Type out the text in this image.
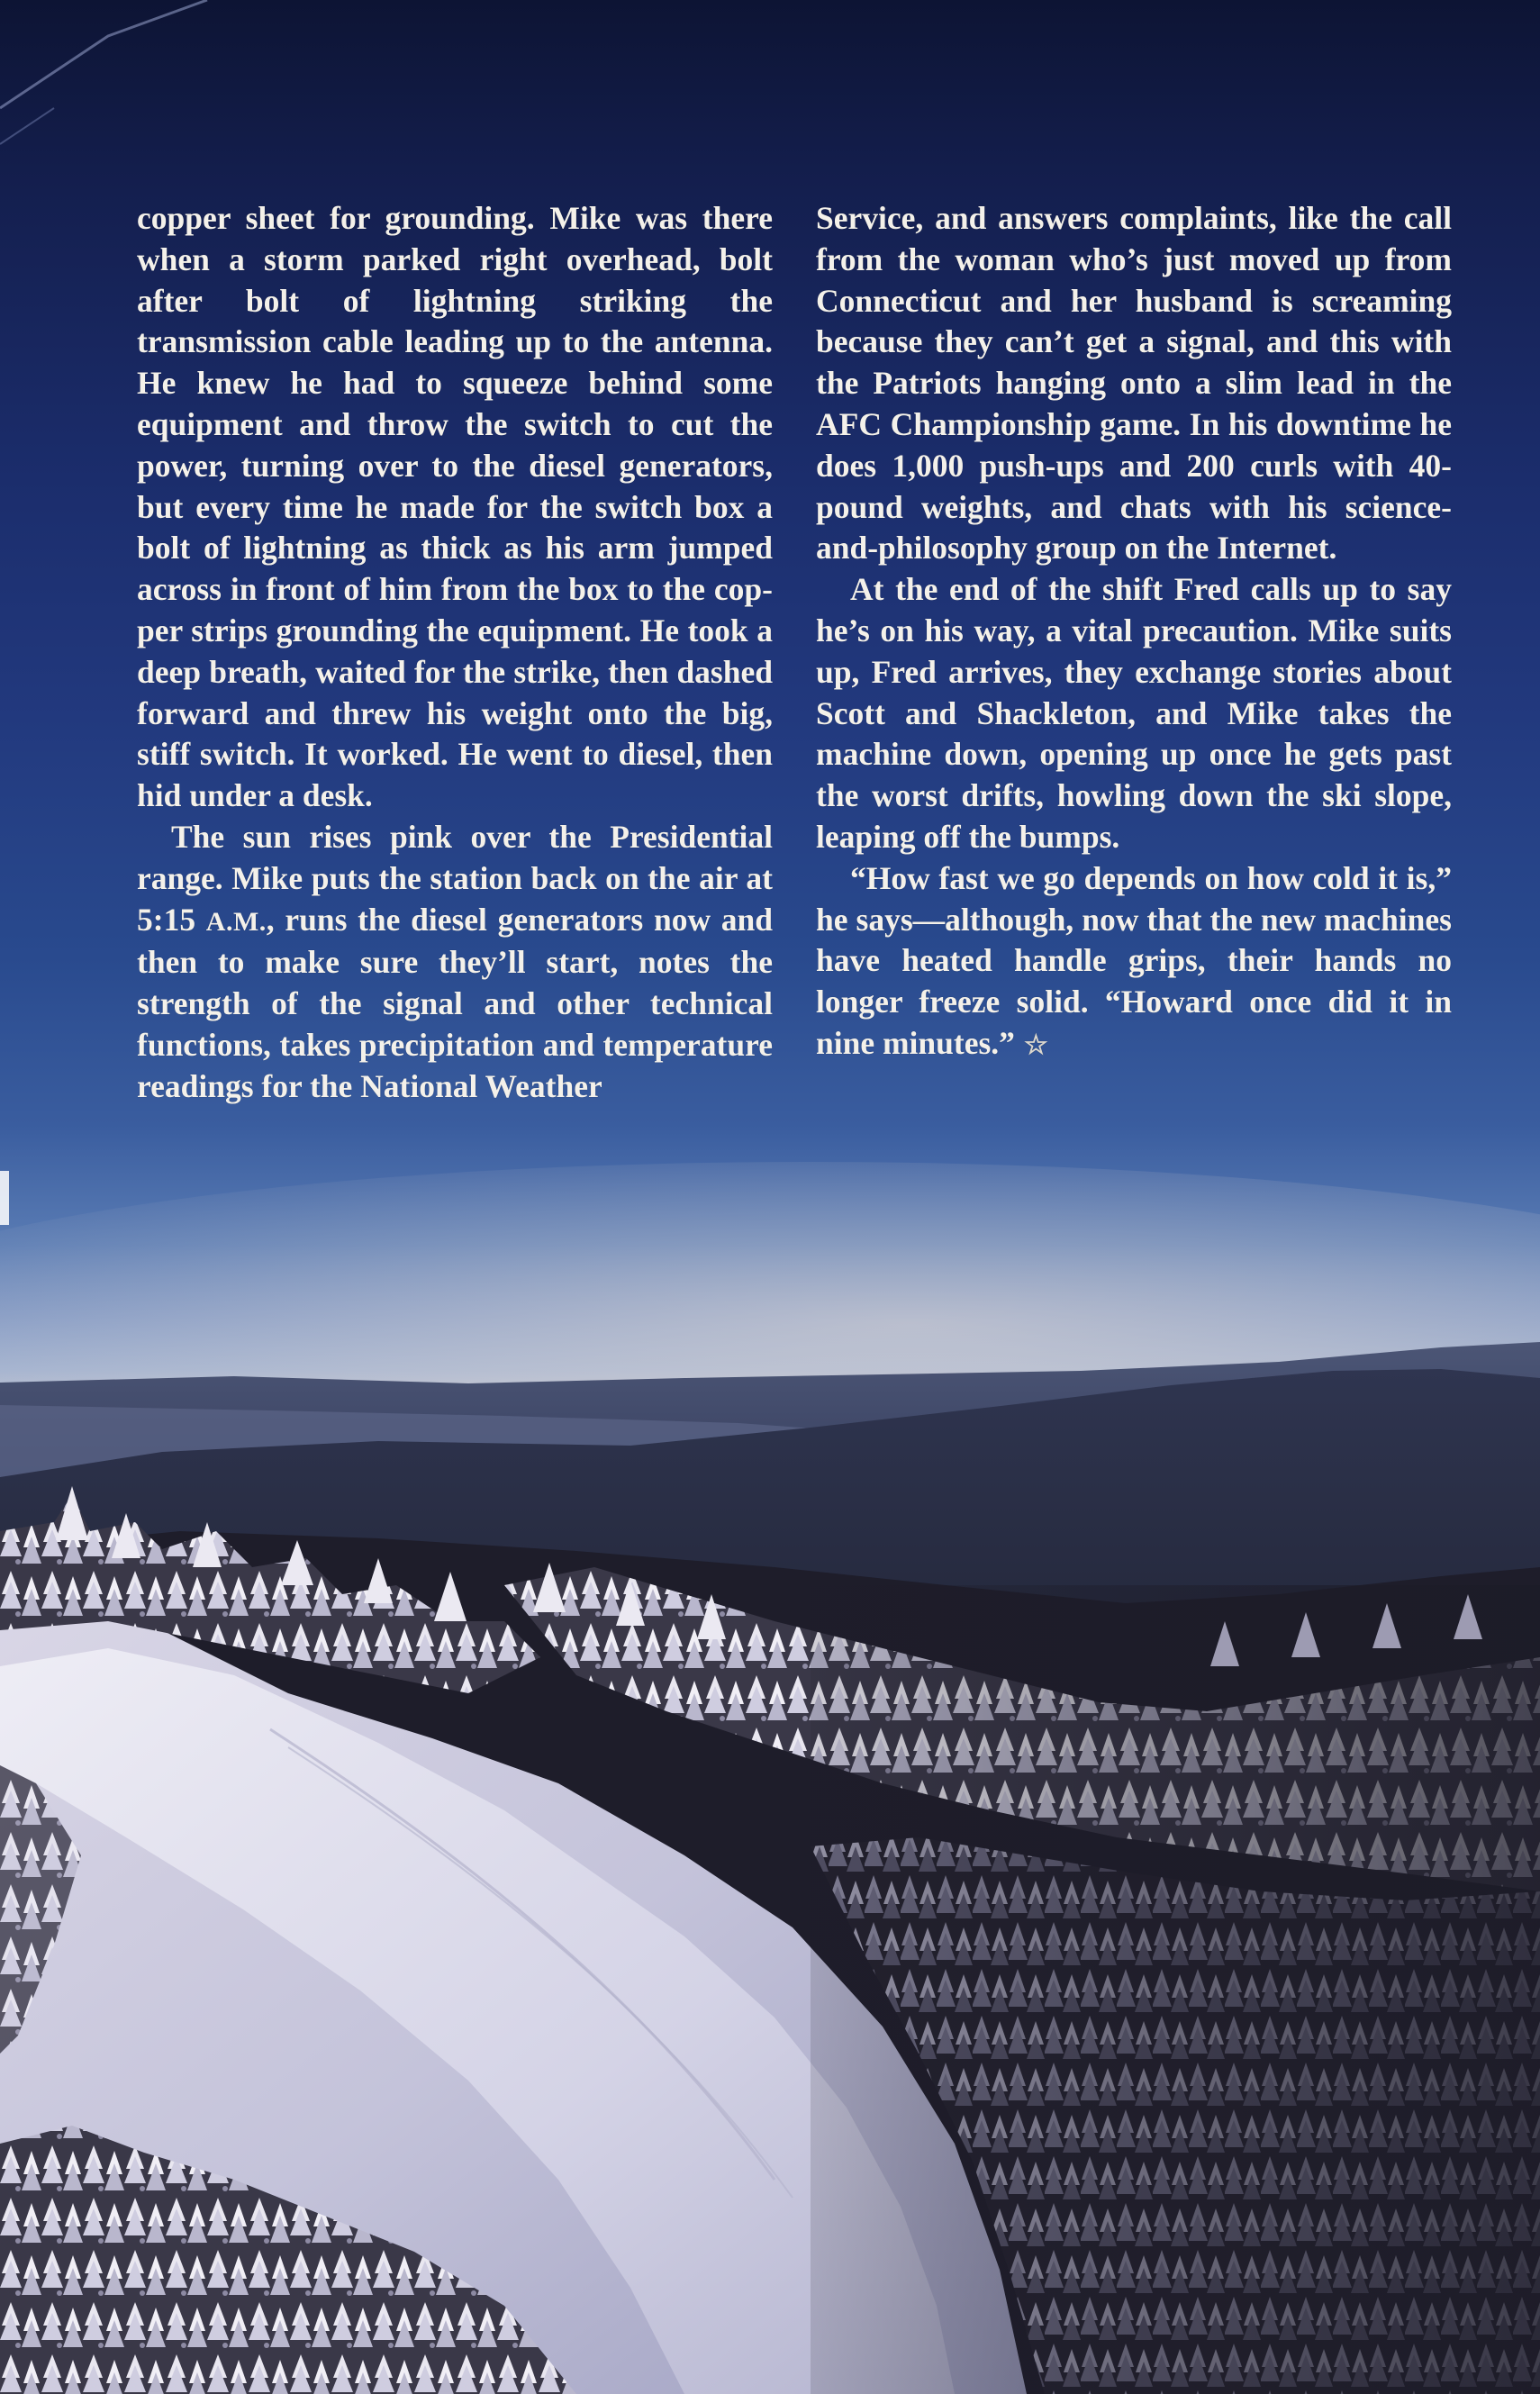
copper sheet for grounding. Mike was there when a storm parked right overhead, bolt after bolt of lightning striking the transmission cable leading up to the antenna. He knew he had to squeeze behind some equipment and throw the switch to cut the power, turning over to the diesel generators, but every time he made for the switch box a bolt of lightning as thick as his arm jumped across in front of him from the box to the copper strips grounding the equipment. He took a deep breath, waited for the strike, then dashed forward and threw his weight onto the big, stiff switch. It worked. He went to diesel, then hid under a desk.

The sun rises pink over the Presidential range. Mike puts the station back on the air at 5:15 A.M., runs the diesel generators now and then to make sure they’ll start, notes the strength of the signal and other technical functions, takes precipitation and temperature readings for the National Weather

Service, and answers complaints, like the call from the woman who’s just moved up from Connecticut and her husband is screaming because they can’t get a signal, and this with the Patriots hanging onto a slim lead in the AFC Championship game. In his downtime he does 1,000 push-ups and 200 curls with 40-pound weights, and chats with his science-and-philosophy group on the Internet.

At the end of the shift Fred calls up to say he’s on his way, a vital precaution. Mike suits up, Fred arrives, they exchange stories about Scott and Shackleton, and Mike takes the machine down, opening up once he gets past the worst drifts, howling down the ski slope, leaping off the bumps.

“How fast we go depends on how cold it is,” he says—although, now that the new machines have heated handle grips, their hands no longer freeze solid. “Howard once did it in nine minutes.” ☆
